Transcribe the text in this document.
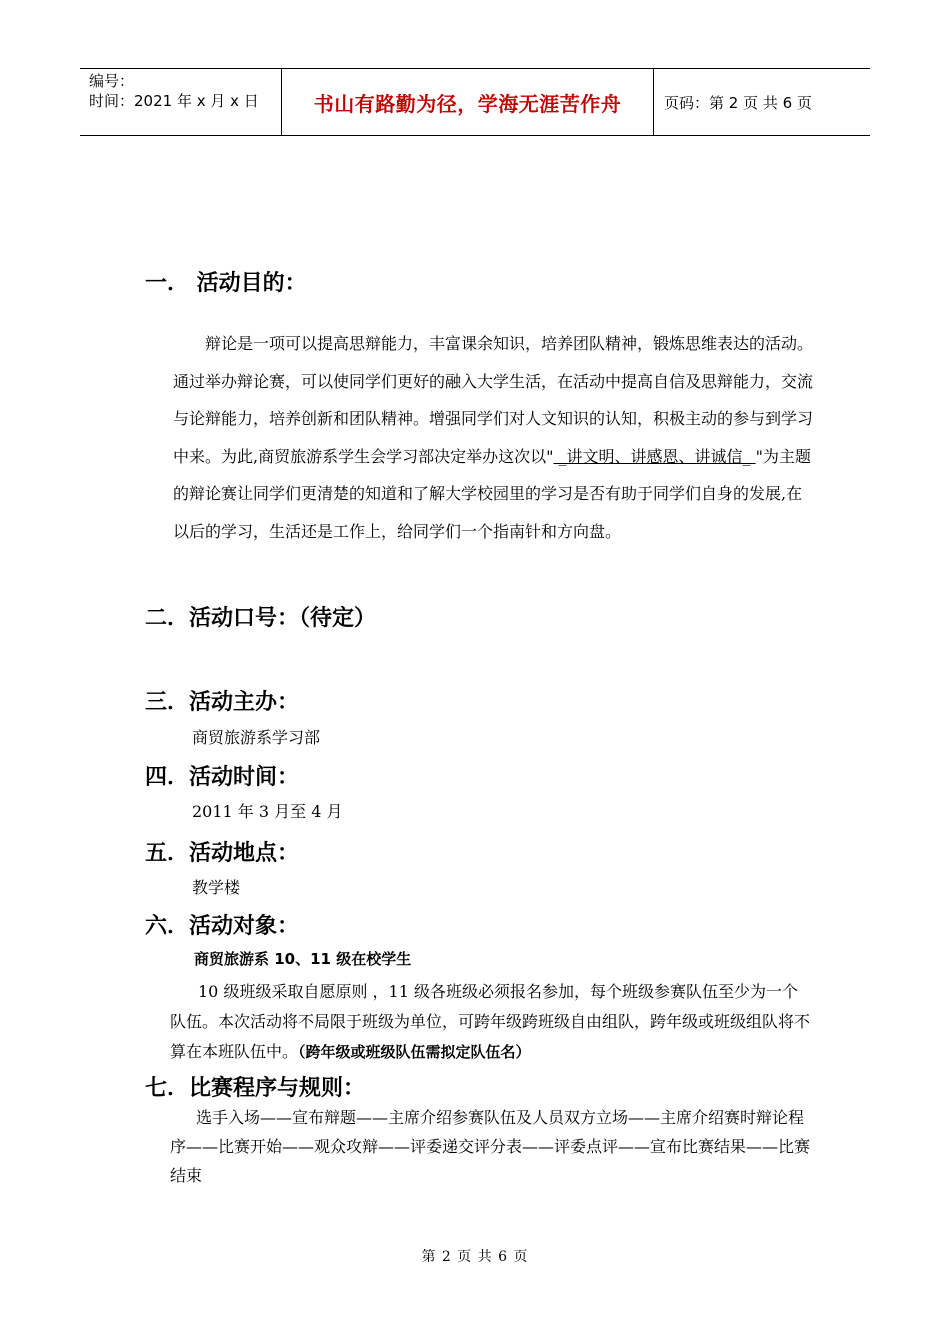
编号：
时间：2021 年 x 月 x 日	书山有路勤为径，学海无涯苦作舟	页码：第 2 页 共 6 页
一． 活动目的：
辩论是一项可以提高思辩能力，丰富课余知识，培养团队精神，锻炼思维表达的活动。通过举办辩论赛，可以使同学们更好的融入大学生活，在活动中提高自信及思辩能力，交流与论辩能力，培养创新和团队精神。增强同学们对人文知识的认知，积极主动的参与到学习中来。为此,商贸旅游系学生会学习部决定举办这次以" _讲文明、讲感恩、讲诚信_ "为主题的辩论赛让同学们更清楚的知道和了解大学校园里的学习是否有助于同学们自身的发展,在以后的学习，生活还是工作上，给同学们一个指南针和方向盘。
二．活动口号：（待定）
三．活动主办：
商贸旅游系学习部
四．活动时间：
2011 年 3 月至 4 月
五．活动地点：
教学楼
六．活动对象：
商贸旅游系 10、11 级在校学生
10 级班级采取自愿原则 ，11 级各班级必须报名参加，每个班级参赛队伍至少为一个队伍。本次活动将不局限于班级为单位，可跨年级跨班级自由组队，跨年级或班级组队将不算在本班队伍中。（跨年级或班级队伍需拟定队伍名）
七．比赛程序与规则：
选手入场——宣布辩题——主席介绍参赛队伍及人员双方立场——主席介绍赛时辩论程序——比赛开始——观众攻辩——评委递交评分表——评委点评——宣布比赛结果——比赛结束
第 2 页 共 6 页
